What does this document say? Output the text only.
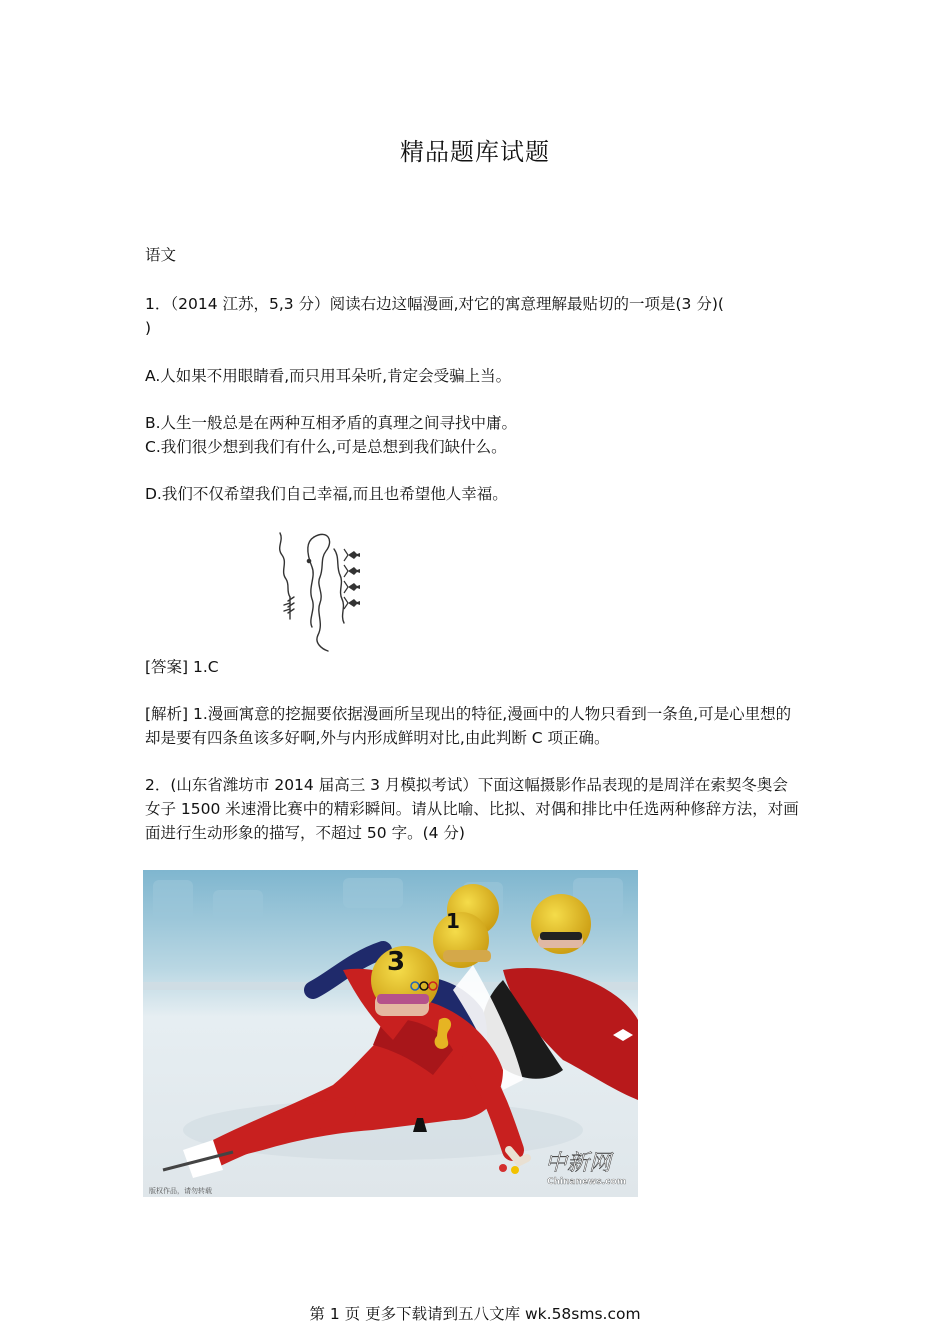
精品题库试题
语文
1．（2014 江苏，5,3 分）阅读右边这幅漫画,对它的寓意理解最贴切的一项是(3 分)(
)
A.人如果不用眼睛看,而只用耳朵听,肯定会受骗上当。
B.人生一般总是在两种互相矛盾的真理之间寻找中庸。
C.我们很少想到我们有什么,可是总想到我们缺什么。
D.我们不仅希望我们自己幸福,而且也希望他人幸福。
[答案] 1.C
[解析] 1.漫画寓意的挖掘要依据漫画所呈现出的特征,漫画中的人物只看到一条鱼,可是心里想的却是要有四条鱼该多好啊,外与内形成鲜明对比,由此判断 C 项正确。
2．(山东省潍坊市 2014 届高三 3 月模拟考试）下面这幅摄影作品表现的是周洋在索契冬奥会女子 1500 米速滑比赛中的精彩瞬间。请从比喻、比拟、对偶和排比中任选两种修辞方法，对画面进行生动形象的描写，不超过 50 字。(4 分)
3
1
中新网
Chinanews.com
版权作品，请勿转载
第 1 页 更多下载请到五八文库 wk.58sms.com
